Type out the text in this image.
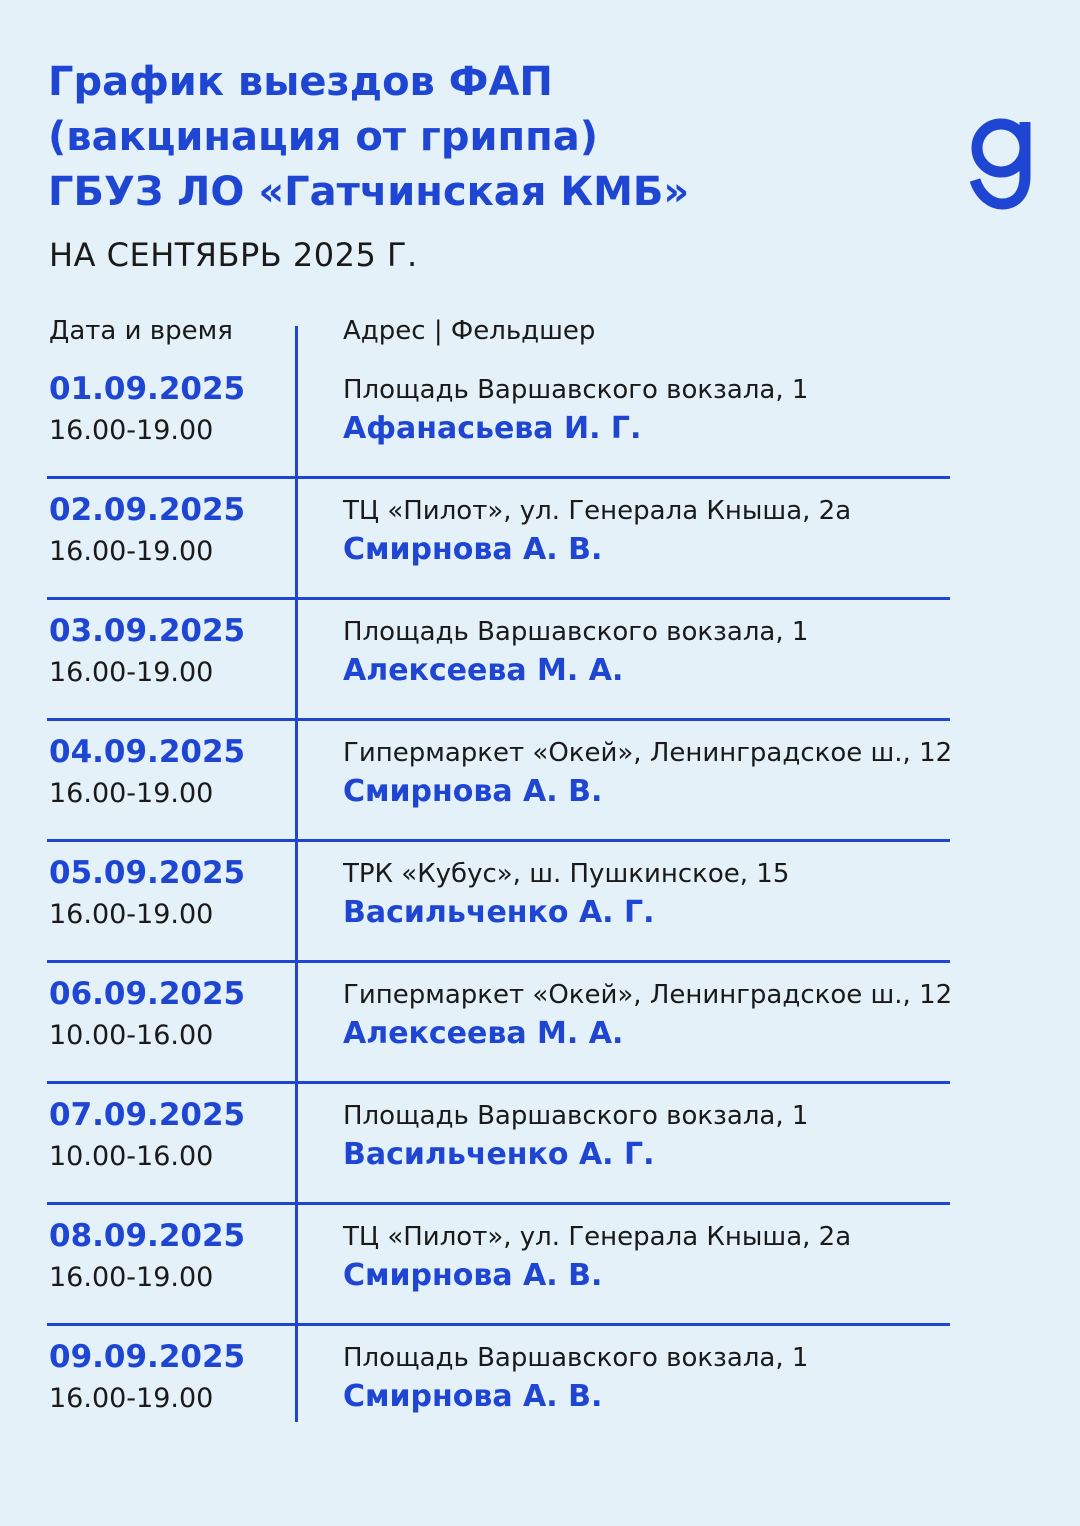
График выездов ФАП
(вакцинация от гриппа)
ГБУЗ ЛО «Гатчинская КМБ»
НА СЕНТЯБРЬ 2025 Г.
Дата и время	Адрес | Фельдшер
01.09.2025
16.00-19.00
Площадь Варшавского вокзала, 1
Афанасьева И. Г.
02.09.2025
16.00-19.00
ТЦ «Пилот», ул. Генерала Кныша, 2а
Смирнова А. В.
03.09.2025
16.00-19.00
Площадь Варшавского вокзала, 1
Алексеева М. А.
04.09.2025
16.00-19.00
Гипермаркет «Окей», Ленинградское ш., 12
Смирнова А. В.
05.09.2025
16.00-19.00
ТРК «Кубус», ш. Пушкинское, 15
Васильченко А. Г.
06.09.2025
10.00-16.00
Гипермаркет «Окей», Ленинградское ш., 12
Алексеева М. А.
07.09.2025
10.00-16.00
Площадь Варшавского вокзала, 1
Васильченко А. Г.
08.09.2025
16.00-19.00
ТЦ «Пилот», ул. Генерала Кныша, 2а
Смирнова А. В.
09.09.2025
16.00-19.00
Площадь Варшавского вокзала, 1
Смирнова А. В.
